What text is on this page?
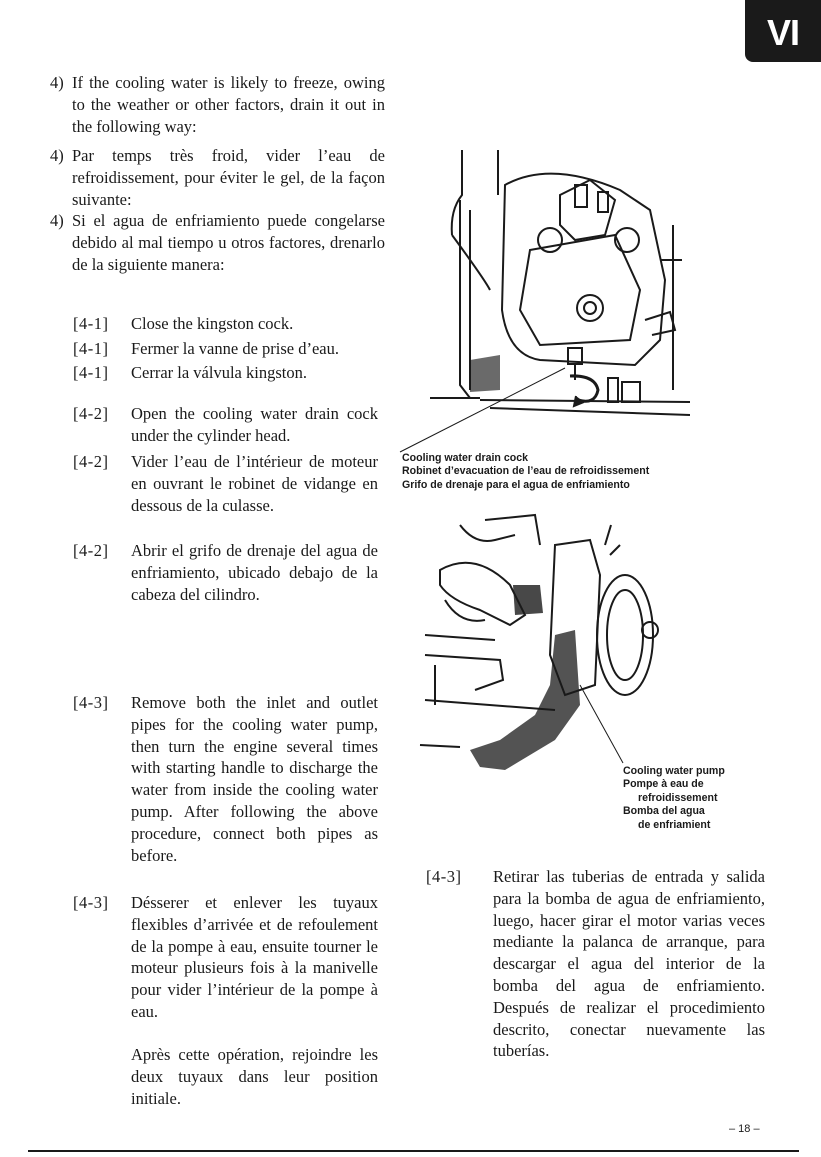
VI
4) If the cooling water is likely to freeze, owing to the weather or other factors, drain it out in the following way:
4) Par temps très froid, vider l’eau de refroidissement, pour éviter le gel, de la façon suivante:
4) Si el agua de enfriamiento puede congelarse debido al mal tiempo u otros factores, drenarlo de la siguiente manera:
[4-1] Close the kingston cock.
[4-1] Fermer la vanne de prise d’eau.
[4-1] Cerrar la válvula kingston.
[4-2] Open the cooling water drain cock under the cylinder head.
[4-2] Vider l’eau de l’intérieur de moteur en ouvrant le robinet de vidange en dessous de la culasse.
[4-2] Abrir el grifo de drenaje del agua de enfriamiento, ubicado debajo de la cabeza del cilindro.
[4-3] Remove both the inlet and outlet pipes for the cooling water pump, then turn the engine several times with starting handle to discharge the water from inside the cooling water pump. After following the above procedure, connect both pipes as before.
[4-3] Désserer et enlever les tuyaux flexibles d’arrivée et de refoulement de la pompe à eau, ensuite tourner le moteur plusieurs fois à la manivelle pour vider l’intérieur de la pompe à eau.
Après cette opération, rejoindre les deux tuyaux dans leur position initiale.
[4-3] Retirar las tuberias de entrada y salida para la bomba de agua de enfriamiento, luego, hacer girar el motor varias veces mediante la palanca de arranque, para descargar el agua del interior de la bomba del agua de enfriamiento. Después de realizar el procedimiento descrito, conectar nuevamente las tuberías.
Cooling water drain cock
Robinet d’evacuation de l’eau de refroidissement
Grifo de drenaje para el agua de enfriamiento
Cooling water pump
Pompe à eau de
refroidissement
Bomba del agua
de enfriamient
– 18 –
